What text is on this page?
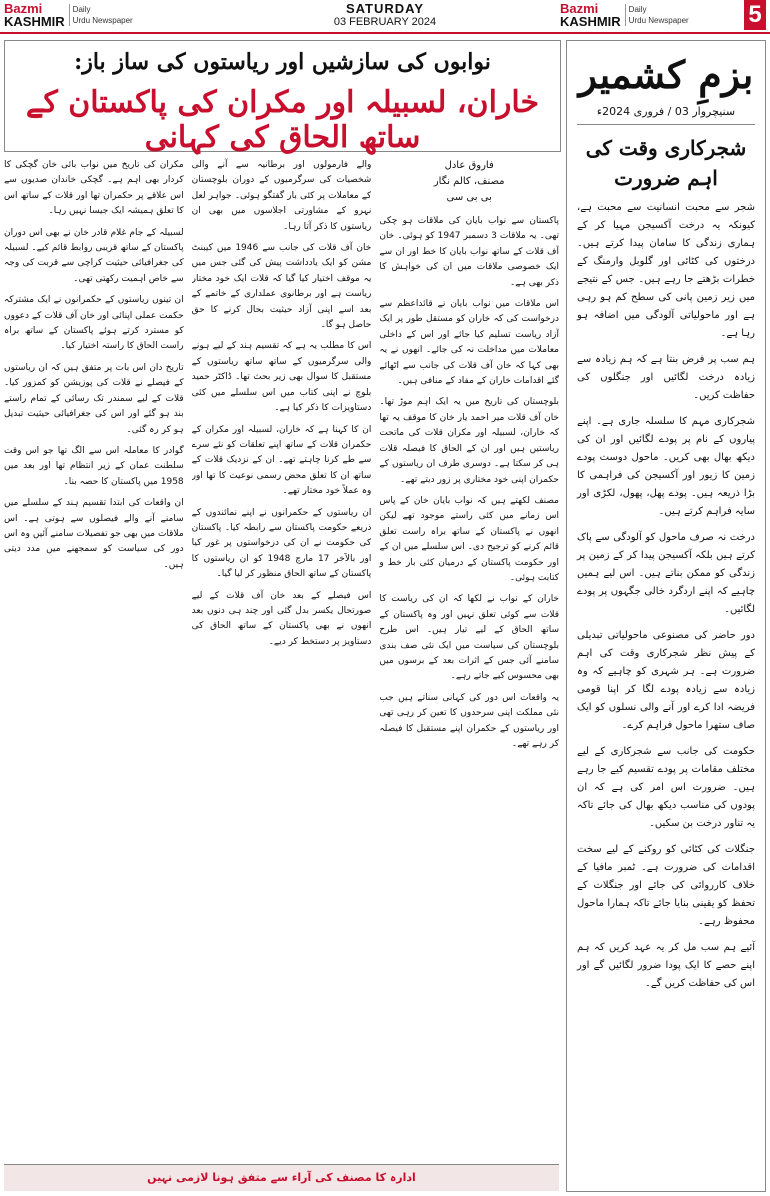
Bazmi
KASHMIR
Daily
Urdu Newspaper
SATURDAY
03 FEBRUARY 2024
Bazmi
KASHMIR
Daily
Urdu Newspaper 5
نوابوں کی سازشیں اور ریاستوں کی ساز باز:
خاران، لسبیلہ اور مکران کی پاکستان کے ساتھ الحاق کی کہانی
فاروق عادل
مصنف، کالم نگار
بی بی سی

پاکستان سے نواب بایان کی ملاقات ہو چکی تھی۔ یہ ملاقات 3 دسمبر 1947 کو ہوئی۔ خان آف قلات کے ساتھ نواب بایان کا خط اور ان سے ایک خصوصی ملاقات میں ان کی خواہش کا ذکر بھی ہے۔

اس ملاقات میں نواب بایان نے قائداعظم سے درخواست کی کہ خاران کو مستقل طور پر ایک آزاد ریاست تسلیم کیا جائے اور اس کے داخلی معاملات میں مداخلت نہ کی جائے۔ انھوں نے یہ بھی کہا کہ خان آف قلات کی جانب سے اٹھائے گئے اقدامات خاران کے مفاد کے منافی ہیں۔

بلوچستان کی تاریخ میں یہ ایک اہم موڑ تھا۔ خان آف قلات میر احمد یار خان کا موقف یہ تھا کہ خاران، لسبیلہ اور مکران قلات کی ماتحت ریاستیں ہیں اور ان کے الحاق کا فیصلہ قلات ہی کر سکتا ہے۔ دوسری طرف ان ریاستوں کے حکمران اپنی خود مختاری پر زور دیتے تھے۔

مصنف لکھتے ہیں کہ نواب بایان خان کے پاس اس زمانے میں کئی راستے موجود تھے لیکن انھوں نے پاکستان کے ساتھ براہ راست تعلق قائم کرنے کو ترجیح دی۔ اس سلسلے میں ان کے اور حکومت پاکستان کے درمیان کئی بار خط و کتابت ہوئی۔

خاران کے نواب نے لکھا کہ ان کی ریاست کا قلات سے کوئی تعلق نہیں اور وہ پاکستان کے ساتھ الحاق کے لیے تیار ہیں۔ اس طرح بلوچستان کی سیاست میں ایک نئی صف بندی سامنے آئی جس کے اثرات بعد کے برسوں میں بھی محسوس کیے جاتے رہے۔

یہ واقعات اس دور کی کہانی سناتے ہیں جب نئی مملکت اپنی سرحدوں کا تعین کر رہی تھی اور ریاستوں کے حکمران اپنے مستقبل کا فیصلہ کر رہے تھے۔

والے فارمولوں اور برطانیہ سے آنے والی شخصیات کی سرگرمیوں کے دوران بلوچستان کے معاملات پر کئی بار گفتگو ہوئی۔ جواہر لعل نہرو کے مشاورتی اجلاسوں میں بھی ان ریاستوں کا ذکر آتا رہا۔

خان آف قلات کی جانب سے 1946 میں کیبنٹ مشن کو ایک یادداشت پیش کی گئی جس میں یہ موقف اختیار کیا گیا کہ قلات ایک خود مختار ریاست ہے اور برطانوی عملداری کے خاتمے کے بعد اسے اپنی آزاد حیثیت بحال کرنے کا حق حاصل ہو گا۔

اس کا مطلب یہ ہے کہ تقسیم ہند کے لیے ہونے والی سرگرمیوں کے ساتھ ساتھ ریاستوں کے مستقبل کا سوال بھی زیر بحث تھا۔ ڈاکٹر حمید بلوچ نے اپنی کتاب میں اس سلسلے میں کئی دستاویزات کا ذکر کیا ہے۔

ان کا کہنا ہے کہ خاران، لسبیلہ اور مکران کے حکمران قلات کے ساتھ اپنے تعلقات کو نئے سرے سے طے کرنا چاہتے تھے۔ ان کے نزدیک قلات کے ساتھ ان کا تعلق محض رسمی نوعیت کا تھا اور وہ عملاً خود مختار تھے۔

ان ریاستوں کے حکمرانوں نے اپنے نمائندوں کے ذریعے حکومت پاکستان سے رابطہ کیا۔ پاکستان کی حکومت نے ان کی درخواستوں پر غور کیا اور بالآخر 17 مارچ 1948 کو ان ریاستوں کا پاکستان کے ساتھ الحاق منظور کر لیا گیا۔

اس فیصلے کے بعد خان آف قلات کے لیے صورتحال یکسر بدل گئی اور چند ہی دنوں بعد انھوں نے بھی پاکستان کے ساتھ الحاق کی دستاویز پر دستخط کر دیے۔

مکران کی تاریخ میں نواب بائی خان گچکی کا کردار بھی اہم ہے۔ گچکی خاندان صدیوں سے اس علاقے پر حکمران تھا اور قلات کے ساتھ اس کا تعلق ہمیشہ ایک جیسا نہیں رہا۔

لسبیلہ کے جام غلام قادر خان نے بھی اس دوران پاکستان کے ساتھ قریبی روابط قائم کیے۔ لسبیلہ کی جغرافیائی حیثیت کراچی سے قربت کی وجہ سے خاص اہمیت رکھتی تھی۔

ان تینوں ریاستوں کے حکمرانوں نے ایک مشترکہ حکمت عملی اپنائی اور خان آف قلات کے دعووں کو مسترد کرتے ہوئے پاکستان کے ساتھ براہ راست الحاق کا راستہ اختیار کیا۔

تاریخ دان اس بات پر متفق ہیں کہ ان ریاستوں کے فیصلے نے قلات کی پوزیشن کو کمزور کیا۔ قلات کے لیے سمندر تک رسائی کے تمام راستے بند ہو گئے اور اس کی جغرافیائی حیثیت تبدیل ہو کر رہ گئی۔

گوادر کا معاملہ اس سے الگ تھا جو اس وقت سلطنت عمان کے زیر انتظام تھا اور بعد میں 1958 میں پاکستان کا حصہ بنا۔

ان واقعات کی ابتدا تقسیم ہند کے سلسلے میں سامنے آنے والے فیصلوں سے ہوتی ہے۔ اس ملاقات میں بھی جو تفصیلات سامنے آئیں وہ اس دور کی سیاست کو سمجھنے میں مدد دیتی ہیں۔

ادارہ کا مصنف کی آراء سے متفق ہونا لازمی نہیں
بزمِ کشمیر
سنیچروار 03 / فروری 2024ء
شجرکاری وقت کی اہم ضرورت

شجر سے محبت انسانیت سے محبت ہے، کیونکہ یہ درخت آکسیجن مہیا کر کے ہماری زندگی کا سامان پیدا کرتے ہیں۔ درختوں کی کٹائی اور گلوبل وارمنگ کے خطرات بڑھتے جا رہے ہیں۔ جس کے نتیجے میں زیر زمین پانی کی سطح کم ہو رہی ہے اور ماحولیاتی آلودگی میں اضافہ ہو رہا ہے۔

ہم سب پر فرض بنتا ہے کہ ہم زیادہ سے زیادہ درخت لگائیں اور جنگلوں کی حفاظت کریں۔

شجرکاری مہم کا سلسلہ جاری ہے۔ اپنے پیاروں کے نام پر پودے لگائیں اور ان کی دیکھ بھال بھی کریں۔ ماحول دوست پودے زمین کا زیور اور آکسیجن کی فراہمی کا بڑا ذریعہ ہیں۔ پودے پھل، پھول، لکڑی اور سایہ فراہم کرتے ہیں۔

درخت نہ صرف ماحول کو آلودگی سے پاک کرتے ہیں بلکہ آکسیجن پیدا کر کے زمین پر زندگی کو ممکن بناتے ہیں۔ اس لیے ہمیں چاہیے کہ اپنے اردگرد خالی جگہوں پر پودے لگائیں۔

دور حاضر کی مصنوعی ماحولیاتی تبدیلی کے پیش نظر شجرکاری وقت کی اہم ضرورت ہے۔ ہر شہری کو چاہیے کہ وہ زیادہ سے زیادہ پودے لگا کر اپنا قومی فریضہ ادا کرے اور آنے والی نسلوں کو ایک صاف ستھرا ماحول فراہم کرے۔

حکومت کی جانب سے شجرکاری کے لیے مختلف مقامات پر پودے تقسیم کیے جا رہے ہیں۔ ضرورت اس امر کی ہے کہ ان پودوں کی مناسب دیکھ بھال کی جائے تاکہ یہ تناور درخت بن سکیں۔

جنگلات کی کٹائی کو روکنے کے لیے سخت اقدامات کی ضرورت ہے۔ ٹمبر مافیا کے خلاف کارروائی کی جائے اور جنگلات کے تحفظ کو یقینی بنایا جائے تاکہ ہمارا ماحول محفوظ رہے۔

آئیے ہم سب مل کر یہ عہد کریں کہ ہم اپنے حصے کا ایک پودا ضرور لگائیں گے اور اس کی حفاظت کریں گے۔
